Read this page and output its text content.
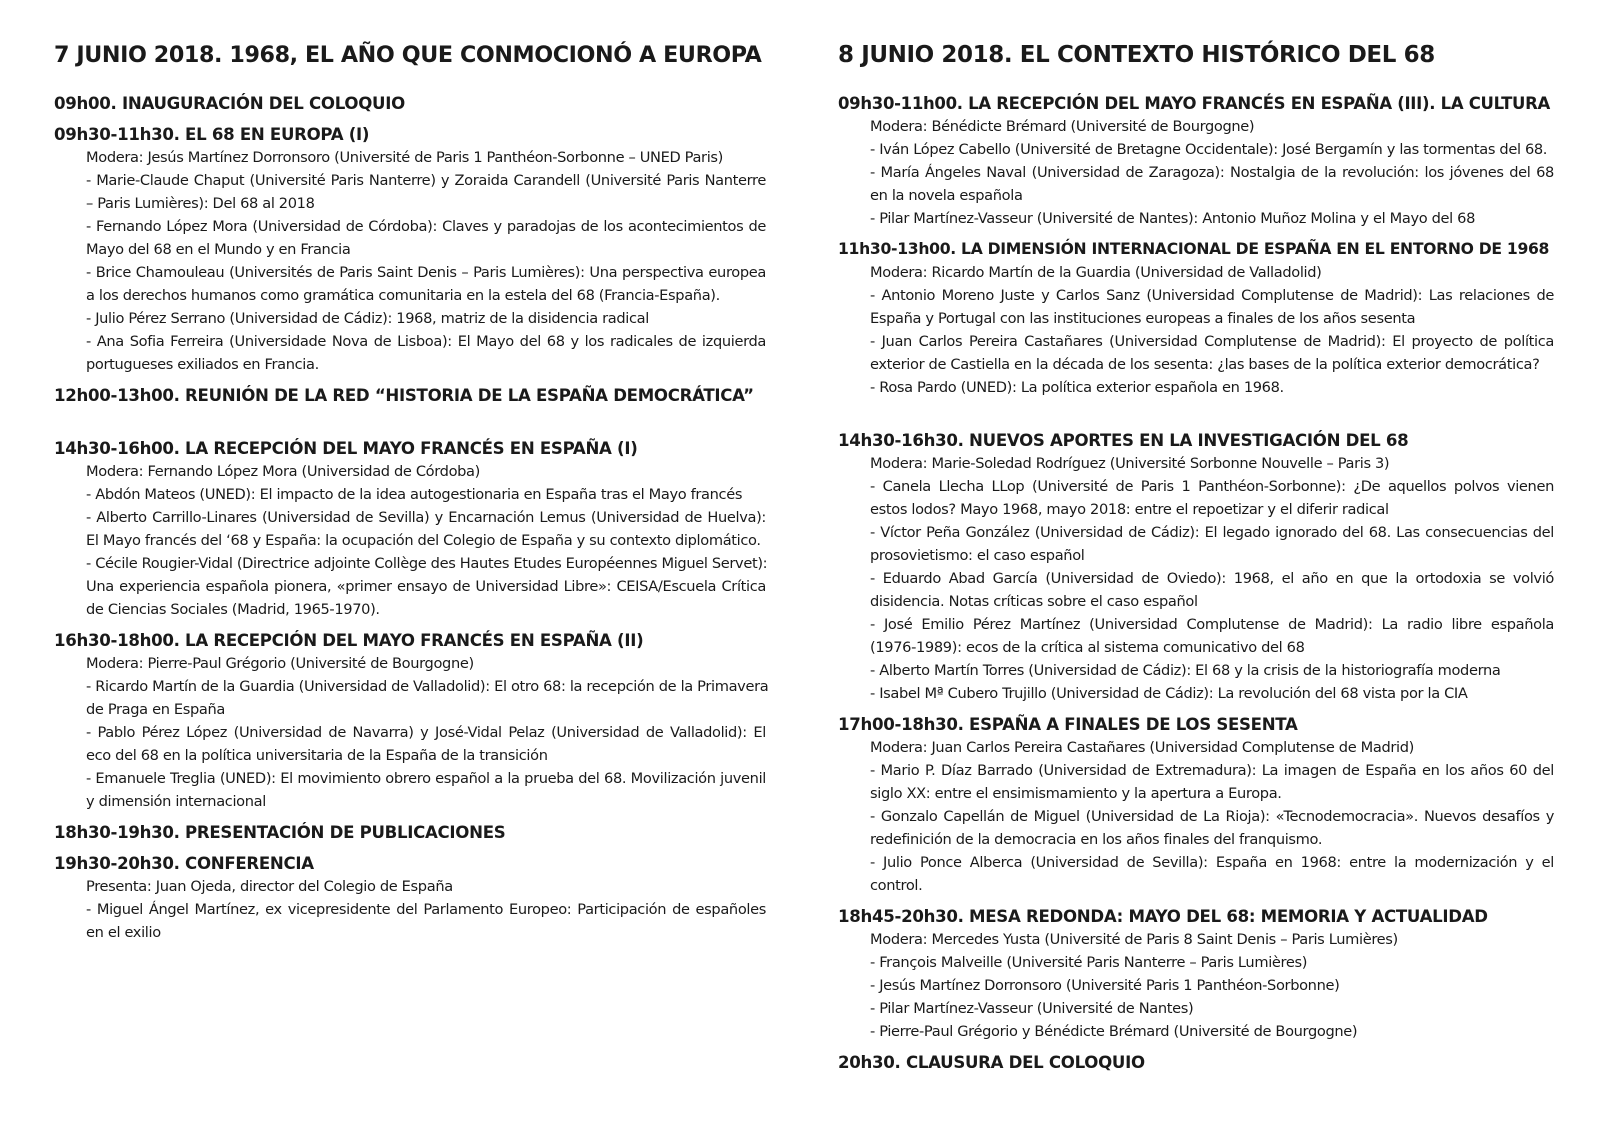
7 JUNIO 2018. 1968, EL AÑO QUE CONMOCIONÓ A EUROPA
09h00. INAUGURACIÓN DEL COLOQUIO
09h30-11h30. EL 68 EN EUROPA (I)
Modera: Jesús Martínez Dorronsoro (Université de Paris 1 Panthéon-Sorbonne – UNED Paris)
- Marie-Claude Chaput (Université Paris Nanterre) y Zoraida Carandell (Université Paris Nanterre
– Paris Lumières): Del 68 al 2018
- Fernando López Mora (Universidad de Córdoba): Claves y paradojas de los acontecimientos de
Mayo del 68 en el Mundo y en Francia
- Brice Chamouleau (Universités de Paris Saint Denis – Paris Lumières): Una perspectiva europea
a los derechos humanos como gramática comunitaria en la estela del 68 (Francia-España).
- Julio Pérez Serrano (Universidad de Cádiz): 1968, matriz de la disidencia radical
- Ana Sofia Ferreira (Universidade Nova de Lisboa): El Mayo del 68 y los radicales de izquierda
portugueses exiliados en Francia.
12h00-13h00. REUNIÓN DE LA RED “HISTORIA DE LA ESPAÑA DEMOCRÁTICA”
14h30-16h00. LA RECEPCIÓN DEL MAYO FRANCÉS EN ESPAÑA (I)
Modera: Fernando López Mora (Universidad de Córdoba)
- Abdón Mateos (UNED): El impacto de la idea autogestionaria en España tras el Mayo francés
- Alberto Carrillo-Linares (Universidad de Sevilla) y Encarnación Lemus (Universidad de Huelva):
El Mayo francés del ‘68 y España: la ocupación del Colegio de España y su contexto diplomático.
- Cécile Rougier-Vidal (Directrice adjointe Collège des Hautes Etudes Européennes Miguel Servet):
Una experiencia española pionera, «primer ensayo de Universidad Libre»: CEISA/Escuela Crítica
de Ciencias Sociales (Madrid, 1965-1970).
16h30-18h00. LA RECEPCIÓN DEL MAYO FRANCÉS EN ESPAÑA (II)
Modera: Pierre-Paul Grégorio (Université de Bourgogne)
- Ricardo Martín de la Guardia (Universidad de Valladolid): El otro 68: la recepción de la Primavera
de Praga en España
- Pablo Pérez López (Universidad de Navarra) y José-Vidal Pelaz (Universidad de Valladolid): El
eco del 68 en la política universitaria de la España de la transición
- Emanuele Treglia (UNED): El movimiento obrero español a la prueba del 68. Movilización juvenil
y dimensión internacional
18h30-19h30. PRESENTACIÓN DE PUBLICACIONES
19h30-20h30. CONFERENCIA
Presenta: Juan Ojeda, director del Colegio de España
- Miguel Ángel Martínez, ex vicepresidente del Parlamento Europeo: Participación de españoles
en el exilio
8 JUNIO 2018. EL CONTEXTO HISTÓRICO DEL 68
09h30-11h00. LA RECEPCIÓN DEL MAYO FRANCÉS EN ESPAÑA (III). LA CULTURA
Modera: Bénédicte Brémard (Université de Bourgogne)
- Iván López Cabello (Université de Bretagne Occidentale): José Bergamín y las tormentas del 68.
- María Ángeles Naval (Universidad de Zaragoza): Nostalgia de la revolución: los jóvenes del 68
en la novela española
- Pilar Martínez-Vasseur (Université de Nantes): Antonio Muñoz Molina y el Mayo del 68
11h30-13h00. LA DIMENSIÓN INTERNACIONAL DE ESPAÑA EN EL ENTORNO DE 1968
Modera: Ricardo Martín de la Guardia (Universidad de Valladolid)
- Antonio Moreno Juste y Carlos Sanz (Universidad Complutense de Madrid): Las relaciones de
España y Portugal con las instituciones europeas a finales de los años sesenta
- Juan Carlos Pereira Castañares (Universidad Complutense de Madrid): El proyecto de política
exterior de Castiella en la década de los sesenta: ¿las bases de la política exterior democrática?
- Rosa Pardo (UNED): La política exterior española en 1968.
14h30-16h30. NUEVOS APORTES EN LA INVESTIGACIÓN DEL 68
Modera: Marie-Soledad Rodríguez (Université Sorbonne Nouvelle – Paris 3)
- Canela Llecha LLop (Université de Paris 1 Panthéon-Sorbonne): ¿De aquellos polvos vienen
estos lodos? Mayo 1968, mayo 2018: entre el repoetizar y el diferir radical
- Víctor Peña González (Universidad de Cádiz): El legado ignorado del 68. Las consecuencias del
prosovietismo: el caso español
- Eduardo Abad García (Universidad de Oviedo): 1968, el año en que la ortodoxia se volvió
disidencia. Notas críticas sobre el caso español
- José Emilio Pérez Martínez (Universidad Complutense de Madrid): La radio libre española
(1976-1989): ecos de la crítica al sistema comunicativo del 68
- Alberto Martín Torres (Universidad de Cádiz): El 68 y la crisis de la historiografía moderna
- Isabel Mª Cubero Trujillo (Universidad de Cádiz): La revolución del 68 vista por la CIA
17h00-18h30. ESPAÑA A FINALES DE LOS SESENTA
Modera: Juan Carlos Pereira Castañares (Universidad Complutense de Madrid)
- Mario P. Díaz Barrado (Universidad de Extremadura): La imagen de España en los años 60 del
siglo XX: entre el ensimismamiento y la apertura a Europa.
- Gonzalo Capellán de Miguel (Universidad de La Rioja): «Tecnodemocracia». Nuevos desafíos y
redefinición de la democracia en los años finales del franquismo.
- Julio Ponce Alberca (Universidad de Sevilla): España en 1968: entre la modernización y el
control.
18h45-20h30. MESA REDONDA: MAYO DEL 68: MEMORIA Y ACTUALIDAD
Modera: Mercedes Yusta (Université de Paris 8 Saint Denis – Paris Lumières)
- François Malveille (Université Paris Nanterre – Paris Lumières)
- Jesús Martínez Dorronsoro (Université Paris 1 Panthéon-Sorbonne)
- Pilar Martínez-Vasseur (Université de Nantes)
- Pierre-Paul Grégorio y Bénédicte Brémard (Université de Bourgogne)
20h30. CLAUSURA DEL COLOQUIO
